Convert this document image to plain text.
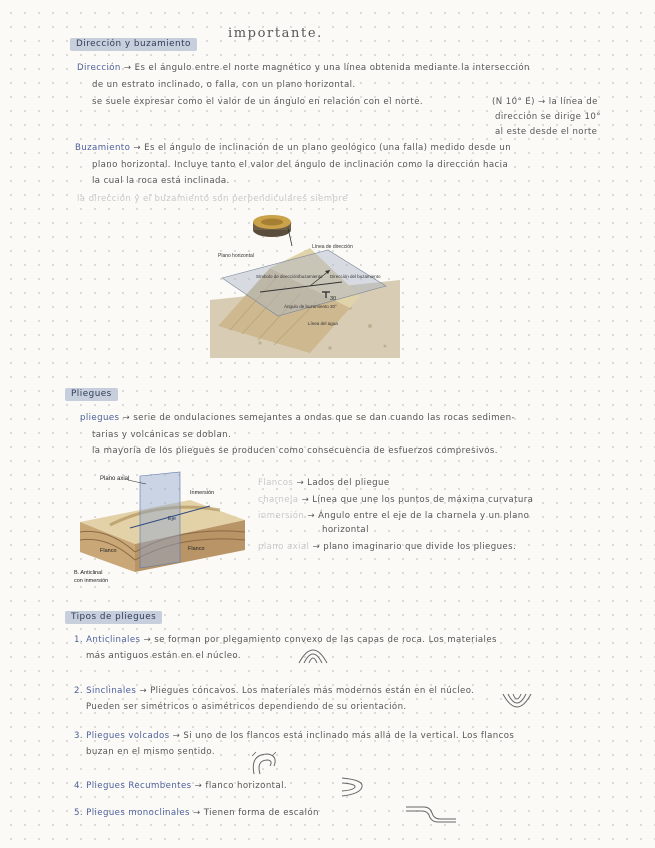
Dirección y buzamiento
importante.
Dirección → Es el ángulo entre el norte magnético y una línea obtenida mediante la intersección
de un estrato inclinado, o falla, con un plano horizontal.
se suele expresar como el valor de un ángulo en relación con el norte.	(N 10° E) → la línea de
dirección se dirige 10°
al este desde el norte
Buzamiento → Es el ángulo de inclinación de un plano geológico (una falla) medido desde un
plano horizontal. Incluye tanto el valor del ángulo de inclinación como la dirección hacia
la cual la roca está inclinada.
la dirección y el buzamiento son perpendiculares siempre
30
Plano horizontal
Línea de dirección
Símbolo de dirección/buzamiento Dirección del buzamiento
Ángulo de buzamiento 30°
Línea del agua
Pliegues
pliegues → serie de ondulaciones semejantes a ondas que se dan cuando las rocas sedimen-
tarias y volcánicas se doblan.
la mayoría de los pliegues se producen como consecuencia de esfuerzos compresivos.
Plano axial
Inmersión
Eje
Flanco	Flanco
B. Anticlinal
con inmersión
Flancos → Lados del pliegue
charnela → Línea que une los puntos de máxima curvatura
inmersión → Ángulo entre el eje de la charnela y un plano
horizontal
plano axial → plano imaginario que divide los pliegues.
Tipos de pliegues
1. Anticlinales → se forman por plegamiento convexo de las capas de roca. Los materiales
más antiguos están en el núcleo.
2. Sinclinales → Pliegues cóncavos. Los materiales más modernos están en el núcleo.
Pueden ser simétricos o asimétricos dependiendo de su orientación.
3. Pliegues volcados → Si uno de los flancos está inclinado más allá de la vertical. Los flancos
buzan en el mismo sentido.
4. Pliegues Recumbentes → flanco horizontal.
5. Pliegues monoclinales → Tienen forma de escalón
